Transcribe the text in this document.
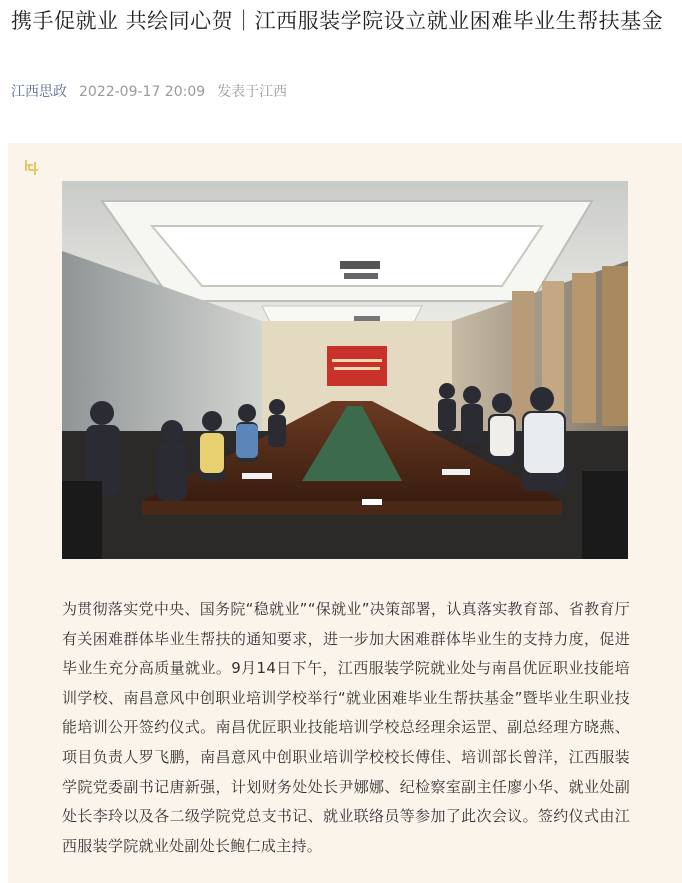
携手促就业 共绘同心贺｜江西服装学院设立就业困难毕业生帮扶基金
江西思政 2022-09-17 20:09 发表于江西

为贯彻落实党中央、国务院“稳就业”“保就业”决策部署，认真落实教育部、省教育厅有关困难群体毕业生帮扶的通知要求，进一步加大困难群体毕业生的支持力度，促进毕业生充分高质量就业。9月14日下午，江西服装学院就业处与南昌优匠职业技能培训学校、南昌意风中创职业培训学校举行“就业困难毕业生帮扶基金”暨毕业生职业技能培训公开签约仪式。南昌优匠职业技能培训学校总经理余运罡、副总经理方晓燕、项目负责人罗飞鹏，南昌意风中创职业培训学校校长傅佳、培训部长曾洋，江西服装学院党委副书记唐新强，计划财务处处长尹娜娜、纪检察室副主任廖小华、就业处副处长李玲以及各二级学院党总支书记、就业联络员等参加了此次会议。签约仪式由江西服装学院就业处副处长鲍仁成主持。
